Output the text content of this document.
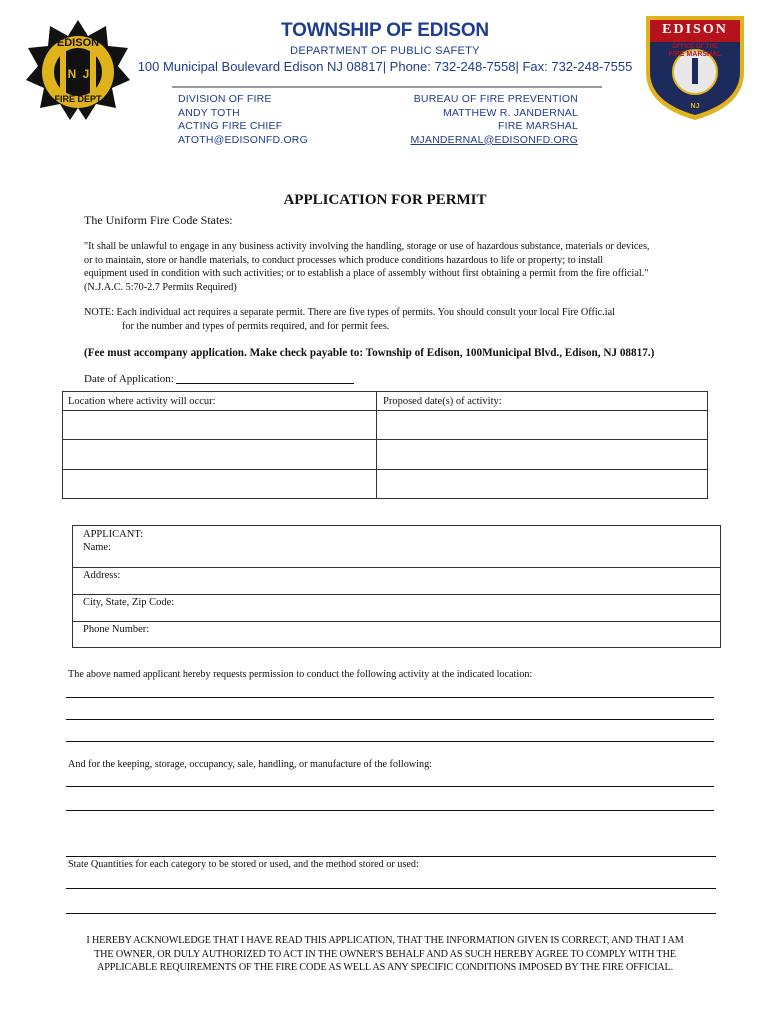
EDISON
N J
FIRE DEPT
EDISON
OFFICE OF THE
FIRE MARSHAL
NJ
TOWNSHIP OF EDISON
DEPARTMENT OF PUBLIC SAFETY
100 Municipal Boulevard Edison NJ 08817| Phone: 732-248-7558| Fax: 732-248-7555
DIVISION OF FIRE
ANDY TOTH
ACTING FIRE CHIEF
ATOTH@EDISONFD.ORG
BUREAU OF FIRE PREVENTION
MATTHEW R. JANDERNAL
FIRE MARSHAL
MJANDERNAL@EDISONFD.ORG
APPLICATION FOR PERMIT
The Uniform Fire Code States:
"It shall be unlawful to engage in any business activity involving the handling, storage or use of hazardous substance, materials or devices,
or to maintain, store or handle materials, to conduct processes which produce conditions hazardous to life or property; to install
equipment used in condition with such activities; or to establish a place of assembly without first obtaining a permit from the fire official."
(N.J.A.C. 5:70-2.7 Permits Required)
NOTE: Each individual act requires a separate permit. There are five types of permits. You should consult your local Fire Offic.ial
for the number and types of permits required, and for permit fees.
(Fee must accompany application. Make check payable to: Township of Edison, 100Municipal Blvd., Edison, NJ 08817.)
Date of Application:
Location where activity will occur:	Proposed date(s) of activity:
APPLICANT:
Name:
Address:
City, State, Zip Code:
Phone Number:
The above named applicant hereby requests permission to conduct the following activity at the indicated location:
And for the keeping, storage, occupancy, sale, handling, or manufacture of the following:
State Quantities for each category to be stored or used, and the method stored or used:
I HEREBY ACKNOWLEDGE THAT I HAVE READ THIS APPLICATION, THAT THE INFORMATION GIVEN IS CORRECT, AND THAT I AM
THE OWNER, OR DULY AUTHORIZED TO ACT IN THE OWNER'S BEHALF AND AS SUCH HEREBY AGREE TO COMPLY WITH THE
APPLICABLE REQUIREMENTS OF THE FIRE CODE AS WELL AS ANY SPECIFIC CONDITIONS IMPOSED BY THE FIRE OFFICIAL.
